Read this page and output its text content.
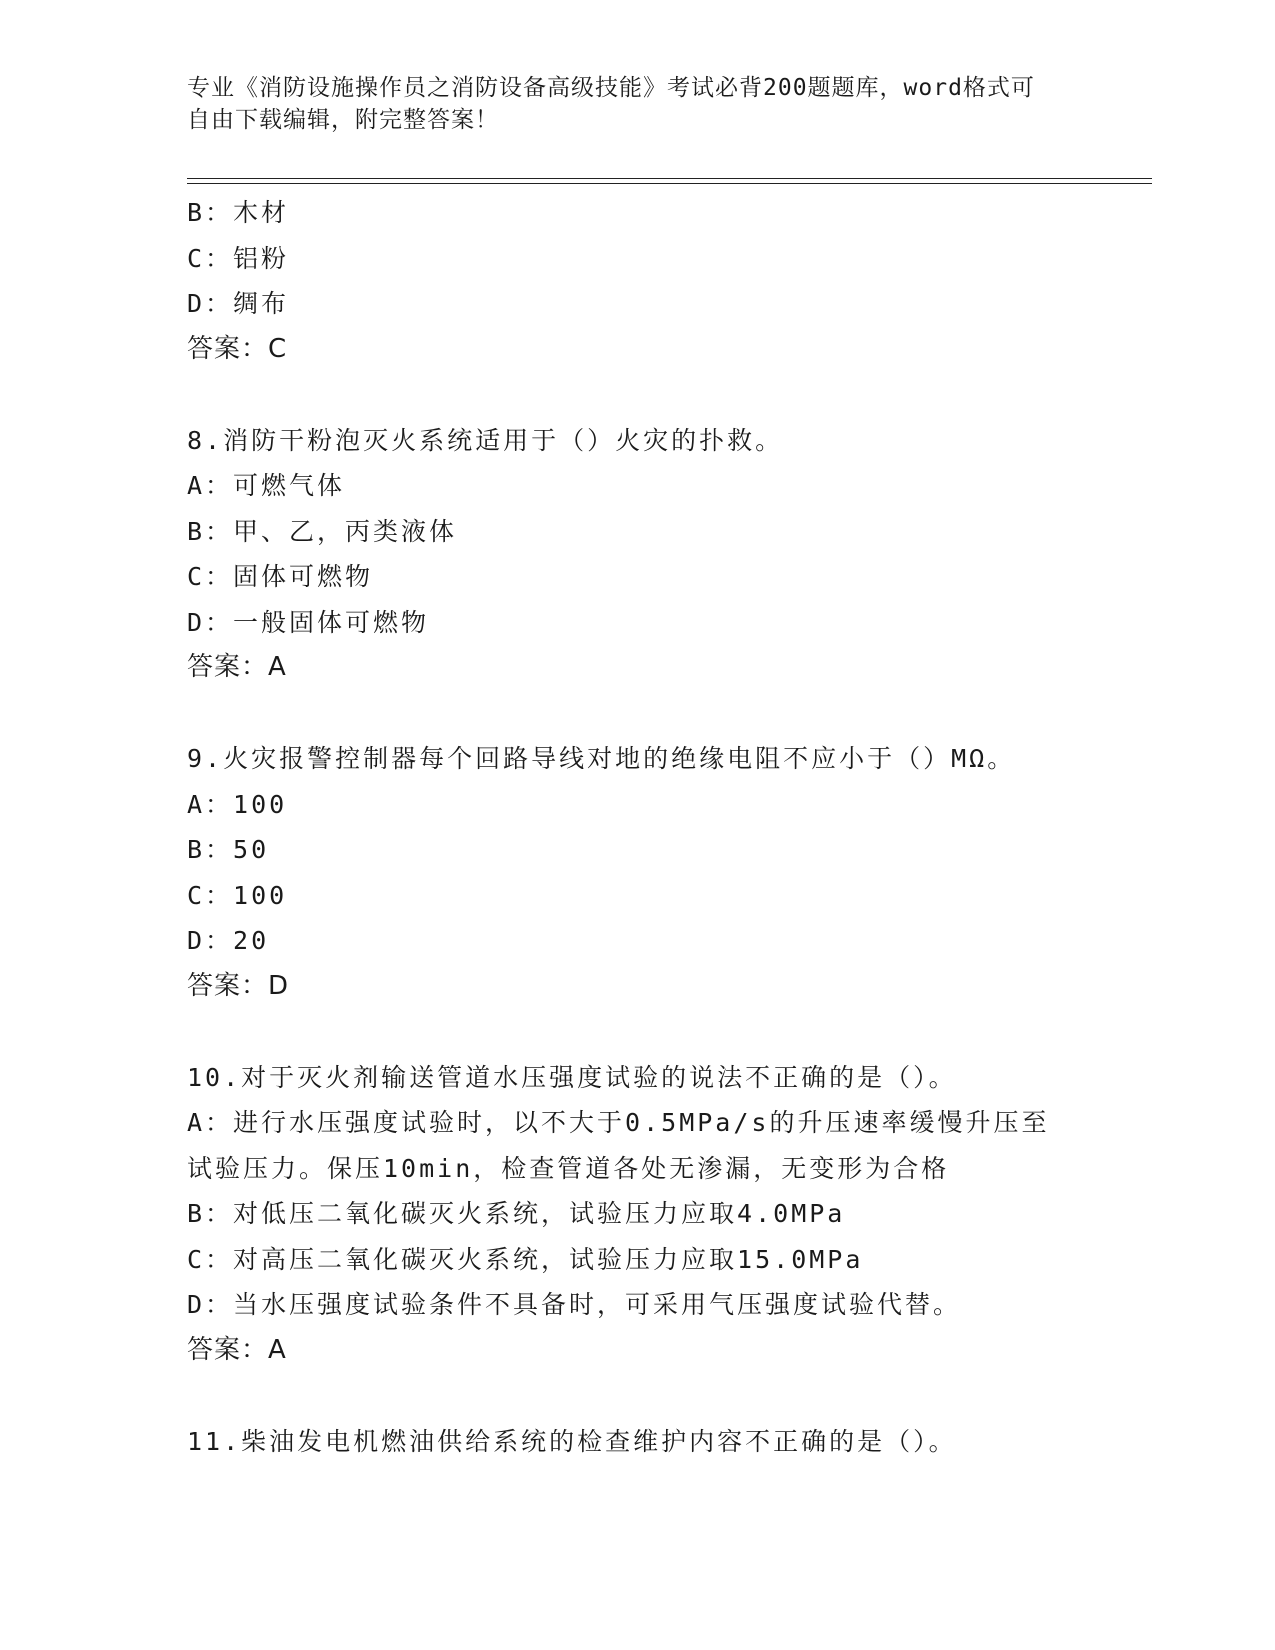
专业《消防设施操作员之消防设备高级技能》考试必背200题题库，word格式可
自由下载编辑，附完整答案！
B：木材
C：铝粉
D：绸布
答案：C
8.消防干粉泡灭火系统适用于（）火灾的扑救。
A：可燃气体
B：甲、乙，丙类液体
C：固体可燃物
D：一般固体可燃物
答案：A
9.火灾报警控制器每个回路导线对地的绝缘电阻不应小于（）MΩ。
A：100
B：50
C：100
D：20
答案：D
10.对于灭火剂输送管道水压强度试验的说法不正确的是（）。
A：进行水压强度试验时，以不大于0.5MPa/s的升压速率缓慢升压至
试验压力。保压10min，检查管道各处无渗漏，无变形为合格
B：对低压二氧化碳灭火系统，试验压力应取4.0MPa
C：对高压二氧化碳灭火系统，试验压力应取15.0MPa
D：当水压强度试验条件不具备时，可采用气压强度试验代替。
答案：A
11.柴油发电机燃油供给系统的检查维护内容不正确的是（）。
